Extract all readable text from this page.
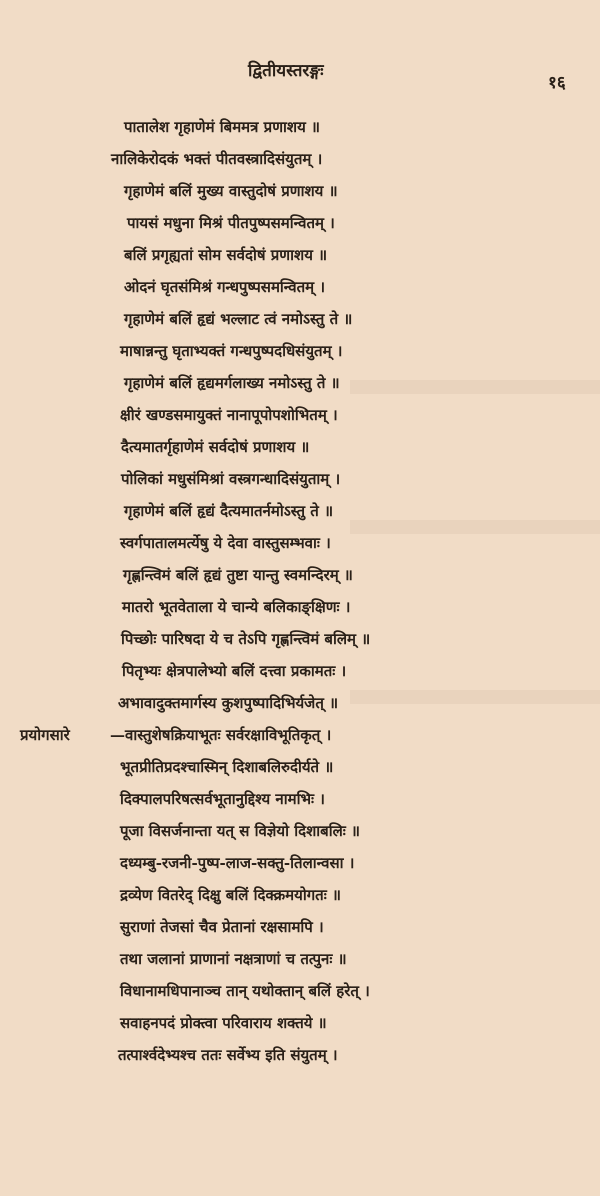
द्वितीयस्तरङ्गः
१६
पातालेश गृहाणेमं बिममत्र प्रणाशय ॥
नालिकेरोदकं भक्तं पीतवस्त्रादिसंयुतम् ।
गृहाणेमं बलिं मुख्य वास्तुदोषं प्रणाशय ॥
पायसं मधुना मिश्रं पीतपुष्पसमन्वितम् ।
बलिं प्रगृह्यतां सोम सर्वदोषं प्रणाशय ॥
ओदनं घृतसंमिश्रं गन्धपुष्पसमन्वितम् ।
गृहाणेमं बलिं हृद्यं भल्लाट त्वं नमोऽस्तु ते ॥
माषान्नन्तु घृताभ्यक्तं गन्धपुष्पदधिसंयुतम् ।
गृहाणेमं बलिं हृद्यमर्गलाख्य नमोऽस्तु ते ॥
क्षीरं खण्डसमायुक्तं नानापूपोपशोभितम् ।
दैत्यमातर्गृहाणेमं सर्वदोषं प्रणाशय ॥
पोलिकां मधुसंमिश्रां वस्त्रगन्धादिसंयुताम् ।
गृहाणेमं बलिं हृद्यं दैत्यमातर्नमोऽस्तु ते ॥
स्वर्गपातालमर्त्येषु ये देवा वास्तुसम्भवाः ।
गृह्णन्त्विमं बलिं हृद्यं तुष्टा यान्तु स्वमन्दिरम् ॥
मातरो भूतवेताला ये चान्ये बलिकाङ्क्षिणः ।
पिच्छोः पारिषदा ये च तेऽपि गृह्णन्त्विमं बलिम् ॥
पितृभ्यः क्षेत्रपालेभ्यो बलिं दत्त्वा प्रकामतः ।
अभावादुक्तमार्गस्य कुशपुष्पादिभिर्यजेत् ॥
प्रयोगसारे	—वास्तुशेषक्रियाभूतः सर्वरक्षाविभूतिकृत् ।
भूतप्रीतिप्रदश्चास्मिन् दिशाबलिरुदीर्यते ॥
दिक्पालपरिषत्सर्वभूतानुद्दिश्य नामभिः ।
पूजा विसर्जनान्ता यत् स विज्ञेयो दिशाबलिः ॥
दध्यम्बु-रजनी-पुष्प-लाज-सक्तु-तिलान्वसा ।
द्रव्येण वितरेद् दिक्षु बलिं दिक्क्रमयोगतः ॥
सुराणां तेजसां चैव प्रेतानां रक्षसामपि ।
तथा जलानां प्राणानां नक्षत्राणां च तत्पुनः ॥
विधानामधिपानाञ्च तान् यथोक्तान् बलिं हरेत् ।
सवाहनपदं प्रोक्त्वा परिवाराय शक्तये ॥
तत्पार्श्वदेभ्यश्च ततः सर्वेभ्य इति संयुतम् ।
